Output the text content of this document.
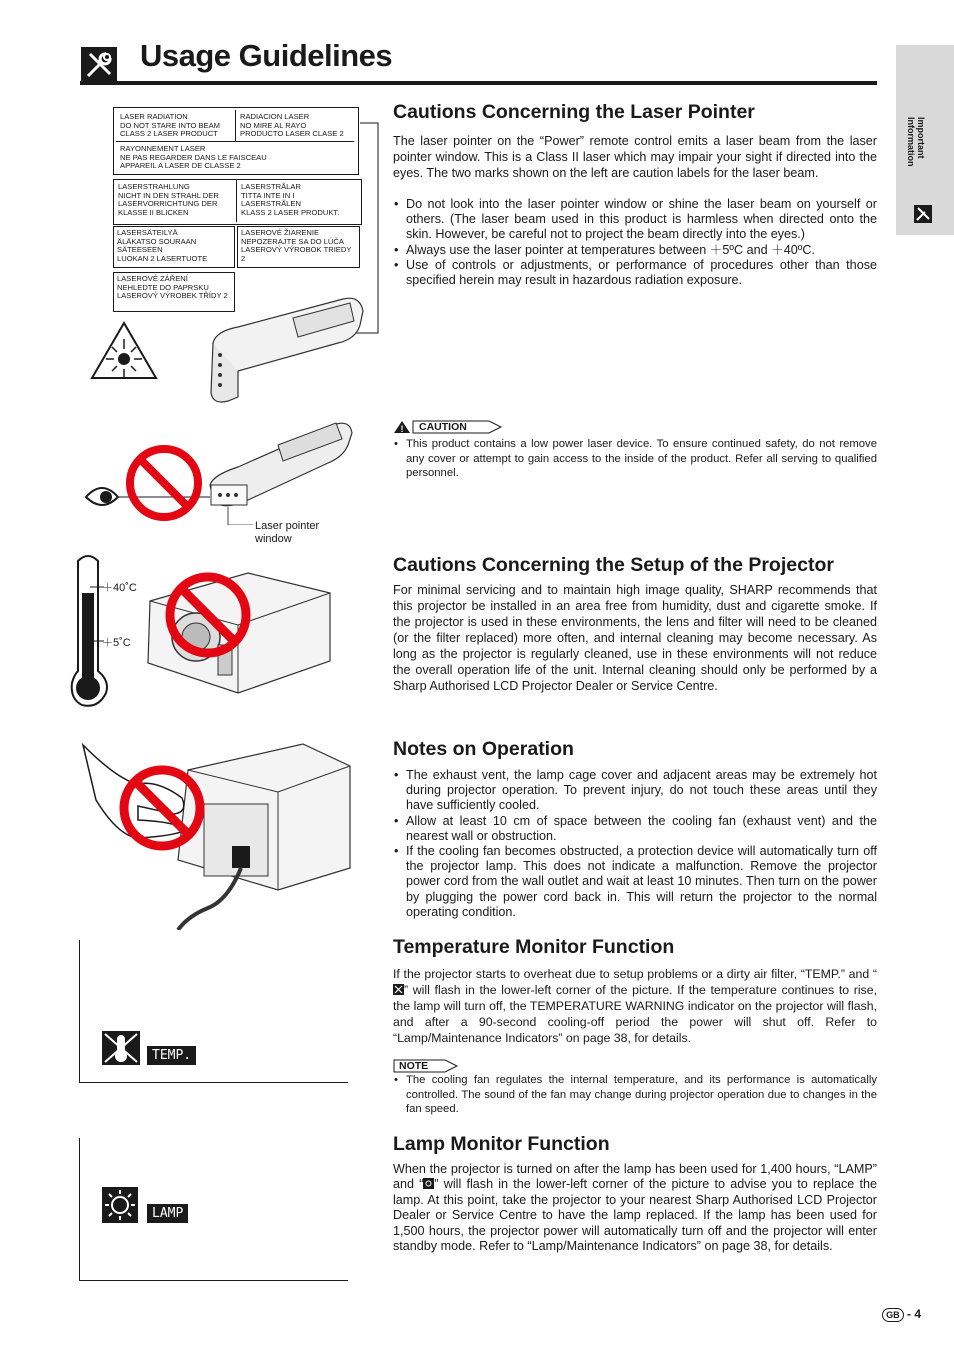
Usage Guidelines
Important
Information
LASER RADIATION
DO NOT STARE INTO BEAM
CLASS 2 LASER PRODUCT
RADIACION LASER
NO MIRE AL RAYO
PRODUCTO LASER CLASE 2
RAYONNEMENT LASER
NE PAS REGARDER DANS LE FAISCEAU
APPAREIL A LASER DE CLASSE 2
LASERSTRAHLUNG
NICHT IN DEN STRAHL DER
LASERVORRICHTUNG DER
KLASSE II BLICKEN
LASERSTRÅLAR
TITTA INTE IN I
LASERSTRÅLEN
KLASS 2 LASER PRODUKT.
LASERSÄTEILYÄ
ÄLÄKATSO SOURAAN
SÄTEESEEN
LUOKAN 2 LASERTUOTE
LASEROVÉ ŽIARENIE
NEPOZERAJTE SA DO LÚČA
LASEROVÝ VÝROBOK TRIEDY 2
LASEROVÉ ZÁŘENÍ
NEHLEDTE DO PAPRSKU
LASEROVÝ VÝROBEK TŘÍDY 2
Laser pointer
window
Cautions Concerning the Laser Pointer

The laser pointer on the “Power” remote control emits a laser beam from the laser pointer window. This is a Class II laser which may impair your sight if directed into the eyes. The two marks shown on the left are caution labels for the laser beam.

• Do not look into the laser pointer window or shine the laser beam on yourself or others. (The laser beam used in this product is harmless when directed onto the skin. However, be careful not to project the beam directly into the eyes.)
• Always use the laser pointer at temperatures between ＋5ºC and ＋40ºC.
• Use of controls or adjustments, or performance of procedures other than those specified herein may result in hazardous radiation exposure.
! CAUTION
• This product contains a low power laser device. To ensure continued safety, do not remove any cover or attempt to gain access to the inside of the product. Refer all serving to qualified personnel.
＋40˚C
＋5˚C
Cautions Concerning the Setup of the Projector

For minimal servicing and to maintain high image quality, SHARP recommends that this projector be installed in an area free from humidity, dust and cigarette smoke. If the projector is used in these environments, the lens and filter will need to be cleaned (or the filter replaced) more often, and internal cleaning may become necessary. As long as the projector is regularly cleaned, use in these environments will not reduce the overall operation life of the unit. Internal cleaning should only be performed by a Sharp Authorised LCD Projector Dealer or Service Centre.

Notes on Operation
• The exhaust vent, the lamp cage cover and adjacent areas may be extremely hot during projector operation. To prevent injury, do not touch these areas until they have sufficiently cooled.
• Allow at least 10 cm of space between the cooling fan (exhaust vent) and the nearest wall or obstruction.
• If the cooling fan becomes obstructed, a protection device will automatically turn off the projector lamp. This does not indicate a malfunction. Remove the projector power cord from the wall outlet and wait at least 10 minutes. Then turn on the power by plugging the power cord back in. This will return the projector to the normal operating condition.
TEMP.
Temperature Monitor Function

If the projector starts to overheat due to setup problems or a dirty air filter, “TEMP.” and “” will flash in the lower-left corner of the picture. If the temperature continues to rise, the lamp will turn off, the TEMPERATURE WARNING indicator on the projector will flash, and after a 90-second cooling-off period the power will shut off. Refer to “Lamp/Maintenance Indicators” on page 38, for details.

NOTE
• The cooling fan regulates the internal temperature, and its performance is automatically controlled. The sound of the fan may change during projector operation due to changes in the fan speed.
LAMP
Lamp Monitor Function

When the projector is turned on after the lamp has been used for 1,400 hours, “LAMP” and “ ” will flash in the lower-left corner of the picture to advise you to replace the lamp. At this point, take the projector to your nearest Sharp Authorised LCD Projector Dealer or Service Centre to have the lamp replaced. If the lamp has been used for 1,500 hours, the projector power will automatically turn off and the projector will enter standby mode. Refer to “Lamp/Maintenance Indicators” on page 38, for details.

GB - 4
